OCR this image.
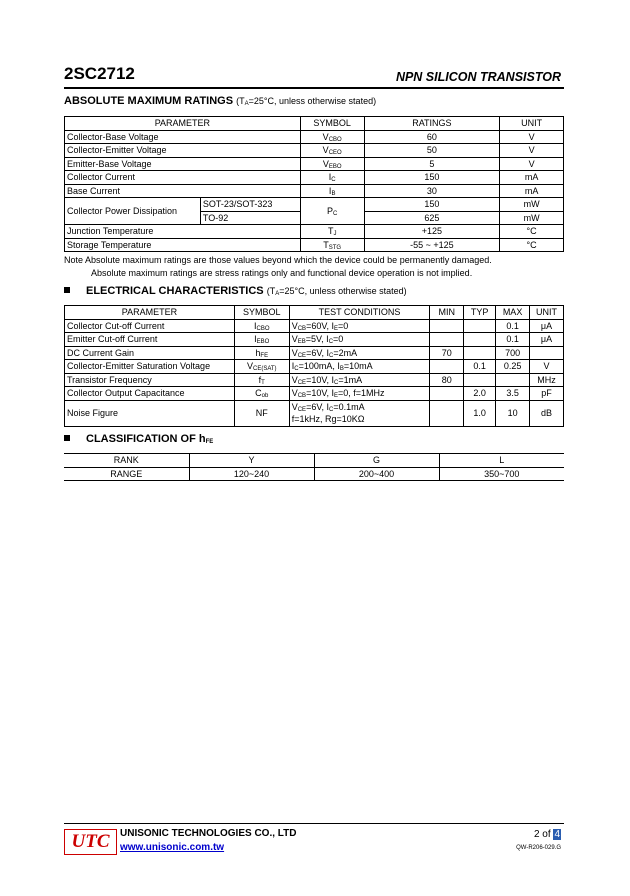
2SC2712	NPN SILICON TRANSISTOR
ABSOLUTE MAXIMUM RATINGS ($T_A=25^\circ C$, unless otherwise stated)
PARAMETER		SYMBOL	RATINGS	UNIT
Collector-Base Voltage		$V_{CBO}$	60	V
Collector-Emitter Voltage		$V_{CEO}$	50	V
Emitter-Base Voltage		$V_{EBO}$	5	V
Collector Current		$I_C$	150	mA
Base Current		$I_B$	30	mA
Collector Power Dissipation	SOT-23/SOT-323	$P_C$	150	mW
	TO-92		625	mW
Junction Temperature		$T_J$	+125	°C
Storage Temperature		$T_{STG}$	-55 ~ +125	°C
Note Absolute maximum ratings are those values beyond which the device could be permanently damaged.
Absolute maximum ratings are stress ratings only and functional device operation is not implied.
ELECTRICAL CHARACTERISTICS ($T_A=25^\circ C$, unless otherwise stated)
PARAMETER	SYMBOL	TEST CONDITIONS	MIN	TYP	MAX	UNIT
Collector Cut-off Current	$I_{CBO}$	$V_{CB}=60V$, $I_E=0$			0.1	μA
Emitter Cut-off Current	$I_{EBO}$	$V_{EB}=5V$, $I_C=0$			0.1	μA
DC Current Gain	$h_{FE}$	$V_{CE}=6V$, $I_C=2mA$	70		700	
Collector-Emitter Saturation Voltage	$V_{CE(SAT)}$	$I_C=100mA$, $I_B=10mA$		0.1	0.25	V
Transistor Frequency	$f_T$	$V_{CE}=10V$, $I_C=1mA$	80			MHz
Collector Output Capacitance	$C_{ob}$	$V_{CB}=10V$, $I_E=0$, f=1MHz		2.0	3.5	pF
Noise Figure	NF	$V_{CE}=6V$, $I_C=0.1mA$
f=1kHz, Rg=10KΩ		1.0	10	dB
CLASSIFICATION OF $h_{FE}$
RANK	Y	G	L
RANGE	120~240	200~400	350~700
UTC	UNISONIC TECHNOLOGIES CO., LTD
www.unisonic.com.tw
2 of 4
QW-R206-029.G
